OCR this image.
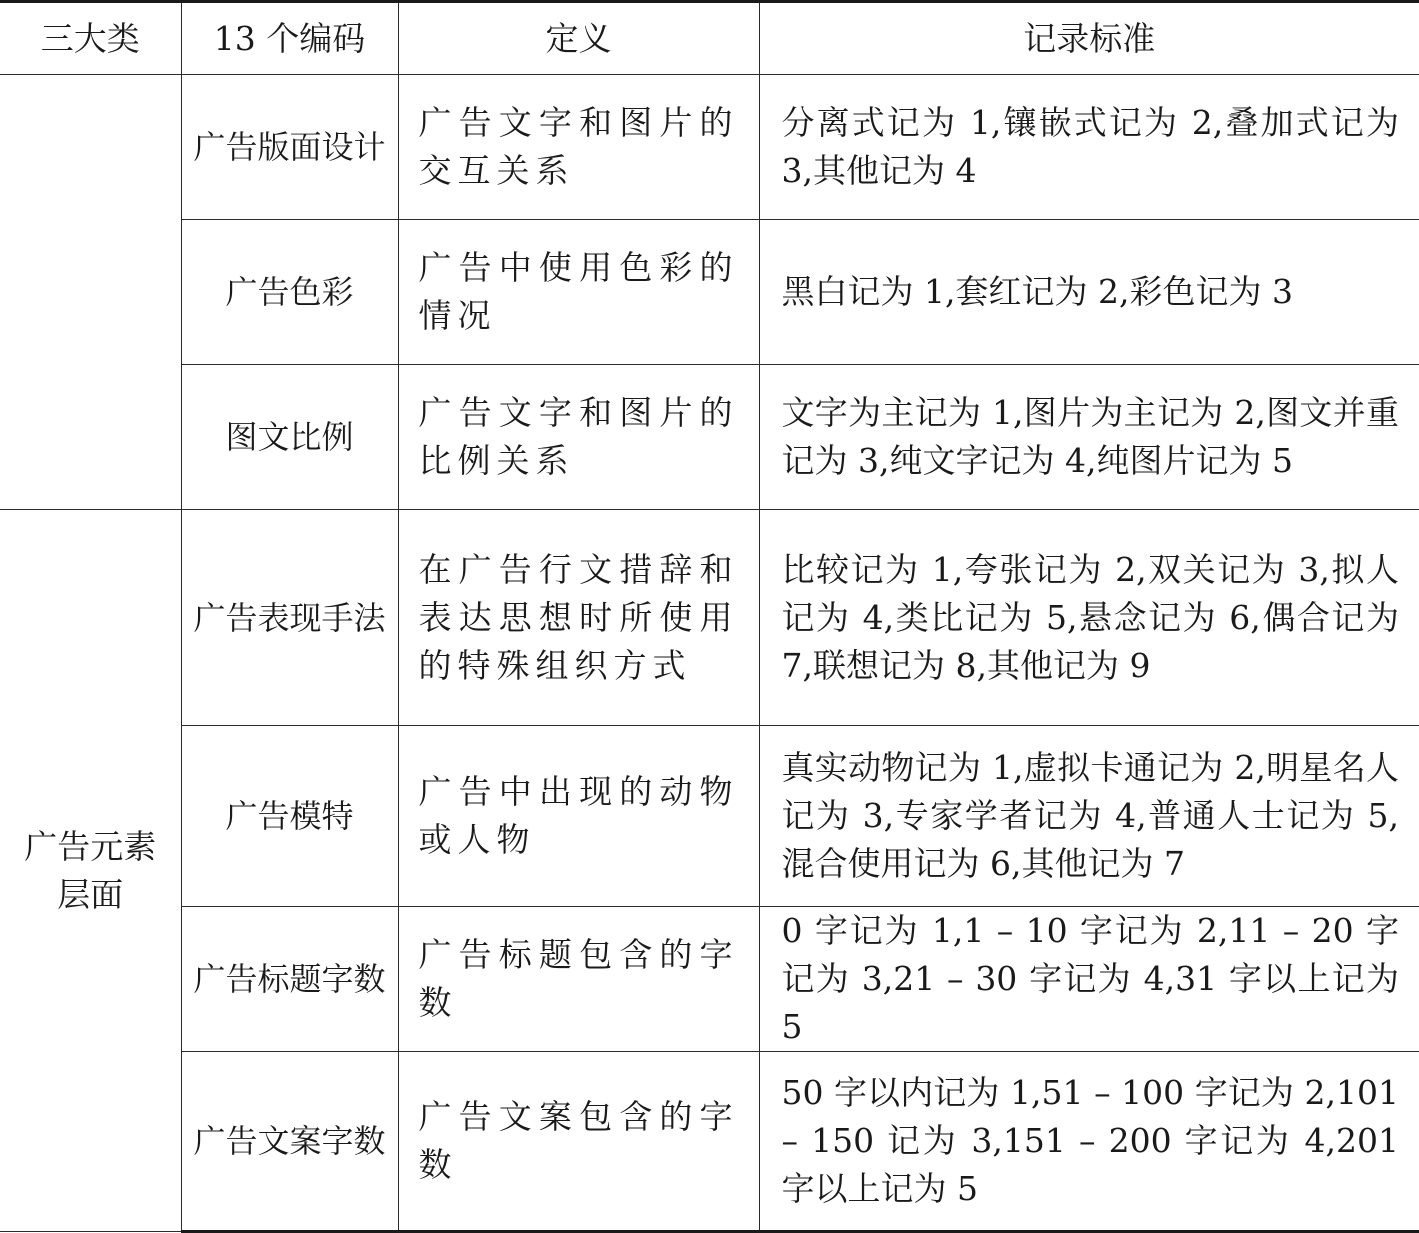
三大类	13 个编码	定义	记录标准
	广告版面设计	广告文字和图片的交互关系	分离式记为 1,镶嵌式记为 2,叠加式记为 3,其他记为 4

	广告色彩	广告中使用色彩的情况	黑白记为 1,套红记为 2,彩色记为 3

	图文比例	广告文字和图片的比例关系	文字为主记为 1,图片为主记为 2,图文并重记为 3,纯文字记为 4,纯图片记为 5

广告元素层面	广告表现手法	在广告行文措辞和表达思想时所使用的特殊组织方式	比较记为 1,夸张记为 2,双关记为 3,拟人记为 4,类比记为 5,悬念记为 6,偶合记为 7,联想记为 8,其他记为 9

	广告模特	广告中出现的动物或人物	真实动物记为 1,虚拟卡通记为 2,明星名人记为 3,专家学者记为 4,普通人士记为 5,混合使用记为 6,其他记为 7

	广告标题字数	广告标题包含的字数	0 字记为 1,1 – 10 字记为 2,11 – 20 字记为 3,21 – 30 字记为 4,31 字以上记为 5

	广告文案字数	广告文案包含的字数	50 字以内记为 1,51 – 100 字记为 2,101 – 150 记为 3,151 – 200 字记为 4,201 字以上记为 5
